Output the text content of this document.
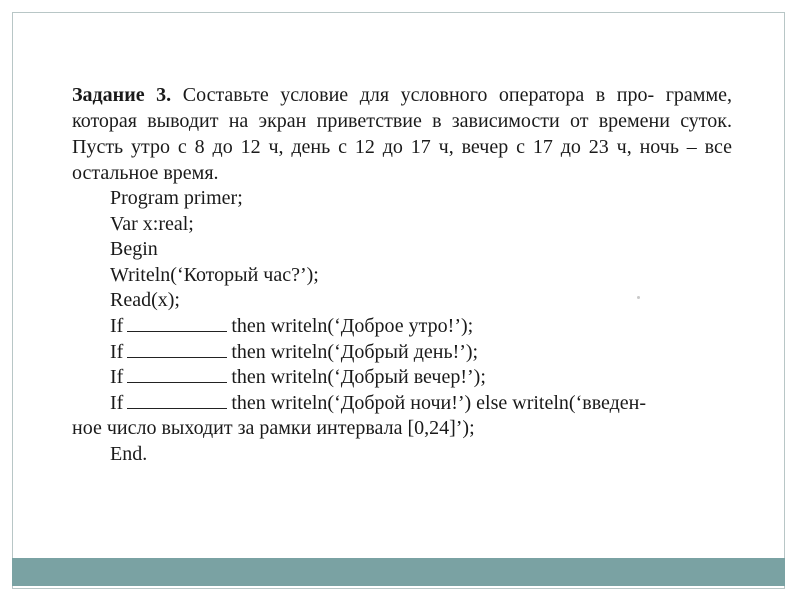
Задание 3. Составьте условие для условного оператора в про- грамме, которая выводит на экран приветствие в зависимости от времени суток. Пусть утро с 8 до 12 ч, день с 12 до 17 ч, вечер с 17 до 23 ч, ночь – все остальное время.

Program primer;
Var x:real;
Begin
Writeln(‘Который час?’);
Read(x);
If	then writeln(‘Доброе утро!’);
If	then writeln(‘Добрый день!’);
If	then writeln(‘Добрый вечер!’);
If	then writeln(‘Доброй ночи!’) else writeln(‘введен-
ное число выходит за рамки интервала [0,24]’);
End.
